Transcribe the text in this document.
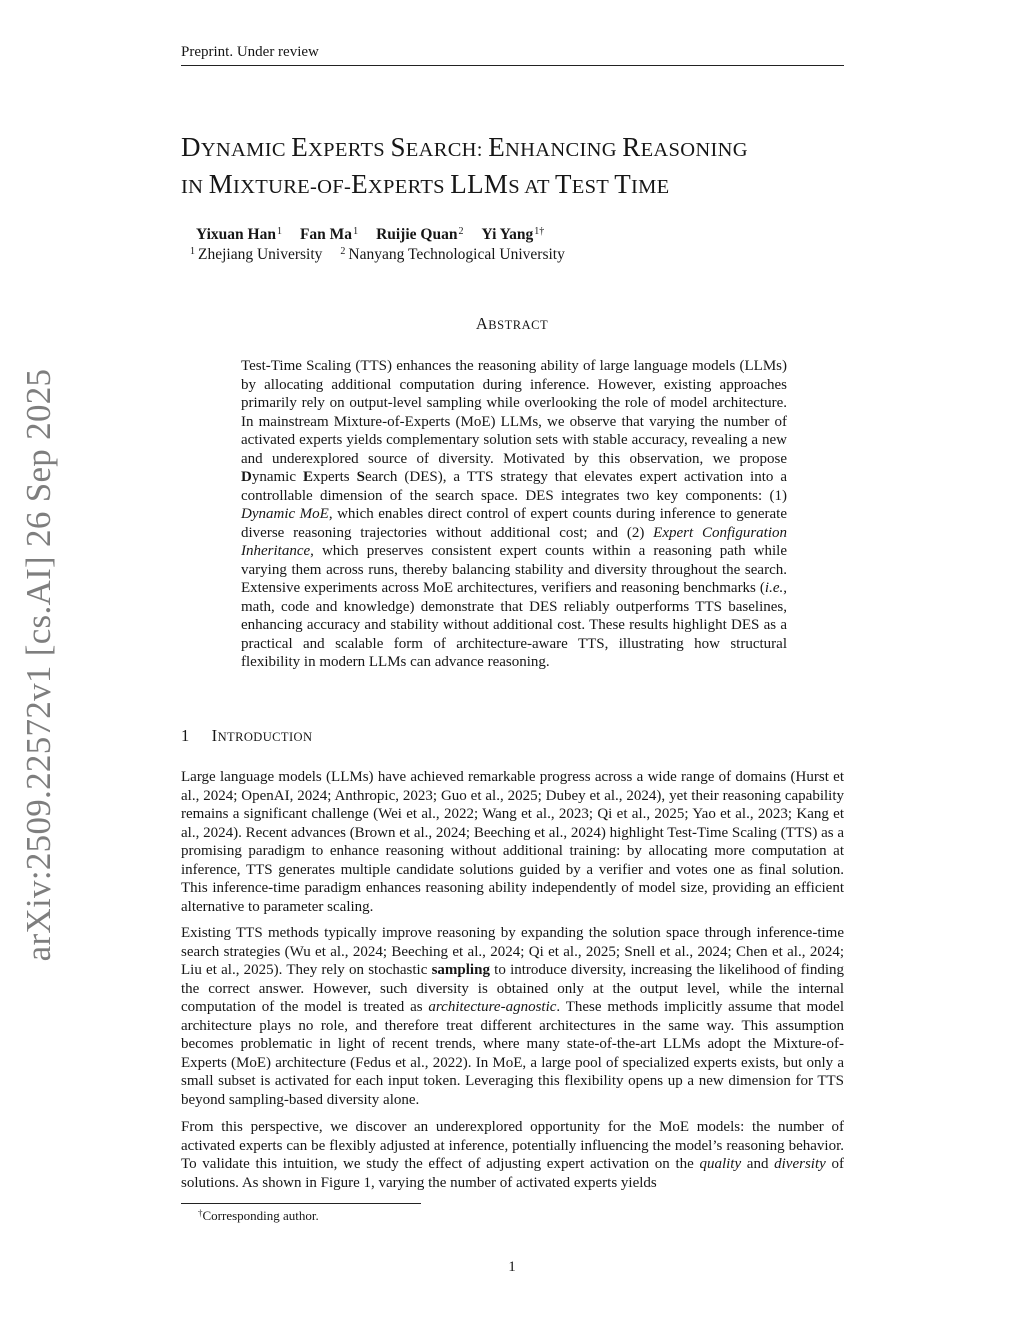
Preprint. Under review
DYNAMIC EXPERTS SEARCH: ENHANCING REASONING
IN MIXTURE-OF-EXPERTS LLMS AT TEST TIME
Yixuan Han$^1$ Fan Ma$^1$ Ruijie Quan$^2$ Yi Yang$^{1\dagger}$
$^1$ Zhejiang University $^2$ Nanyang Technological University
ABSTRACT
Test-Time Scaling (TTS) enhances the reasoning ability of large language models (LLMs) by allocating additional computation during inference. However, existing approaches primarily rely on output-level sampling while overlooking the role of model architecture. In mainstream Mixture-of-Experts (MoE) LLMs, we observe that varying the number of activated experts yields complementary solution sets with stable accuracy, revealing a new and underexplored source of diversity. Motivated by this observation, we propose Dynamic Experts Search (DES), a TTS strategy that elevates expert activation into a controllable dimension of the search space. DES integrates two key components: (1) Dynamic MoE, which enables direct control of expert counts during inference to generate diverse reasoning trajectories without additional cost; and (2) Expert Configuration Inheritance, which preserves consistent expert counts within a reasoning path while varying them across runs, thereby balancing stability and diversity throughout the search. Extensive experiments across MoE architectures, verifiers and reasoning benchmarks (i.e., math, code and knowledge) demonstrate that DES reliably outperforms TTS baselines, enhancing accuracy and stability without additional cost. These results highlight DES as a practical and scalable form of architecture-aware TTS, illustrating how structural flexibility in modern LLMs can advance reasoning.
1 INTRODUCTION
Large language models (LLMs) have achieved remarkable progress across a wide range of domains (Hurst et al., 2024; OpenAI, 2024; Anthropic, 2023; Guo et al., 2025; Dubey et al., 2024), yet their reasoning capability remains a significant challenge (Wei et al., 2022; Wang et al., 2023; Qi et al., 2025; Yao et al., 2023; Kang et al., 2024). Recent advances (Brown et al., 2024; Beeching et al., 2024) highlight Test-Time Scaling (TTS) as a promising paradigm to enhance reasoning without additional training: by allocating more computation at inference, TTS generates multiple candidate solutions guided by a verifier and votes one as final solution. This inference-time paradigm enhances reasoning ability independently of model size, providing an efficient alternative to parameter scaling.
Existing TTS methods typically improve reasoning by expanding the solution space through inference-time search strategies (Wu et al., 2024; Beeching et al., 2024; Qi et al., 2025; Snell et al., 2024; Chen et al., 2024; Liu et al., 2025). They rely on stochastic sampling to introduce diversity, increasing the likelihood of finding the correct answer. However, such diversity is obtained only at the output level, while the internal computation of the model is treated as architecture-agnostic. These methods implicitly assume that model architecture plays no role, and therefore treat different architectures in the same way. This assumption becomes problematic in light of recent trends, where many state-of-the-art LLMs adopt the Mixture-of-Experts (MoE) architecture (Fedus et al., 2022). In MoE, a large pool of specialized experts exists, but only a small subset is activated for each input token. Leveraging this flexibility opens up a new dimension for TTS beyond sampling-based diversity alone.
From this perspective, we discover an underexplored opportunity for the MoE models: the number of activated experts can be flexibly adjusted at inference, potentially influencing the model’s reasoning behavior. To validate this intuition, we study the effect of adjusting expert activation on the quality and diversity of solutions. As shown in Figure 1, varying the number of activated experts yields
†Corresponding author.
1
arXiv:2509.22572v1 [cs.AI] 26 Sep 2025
